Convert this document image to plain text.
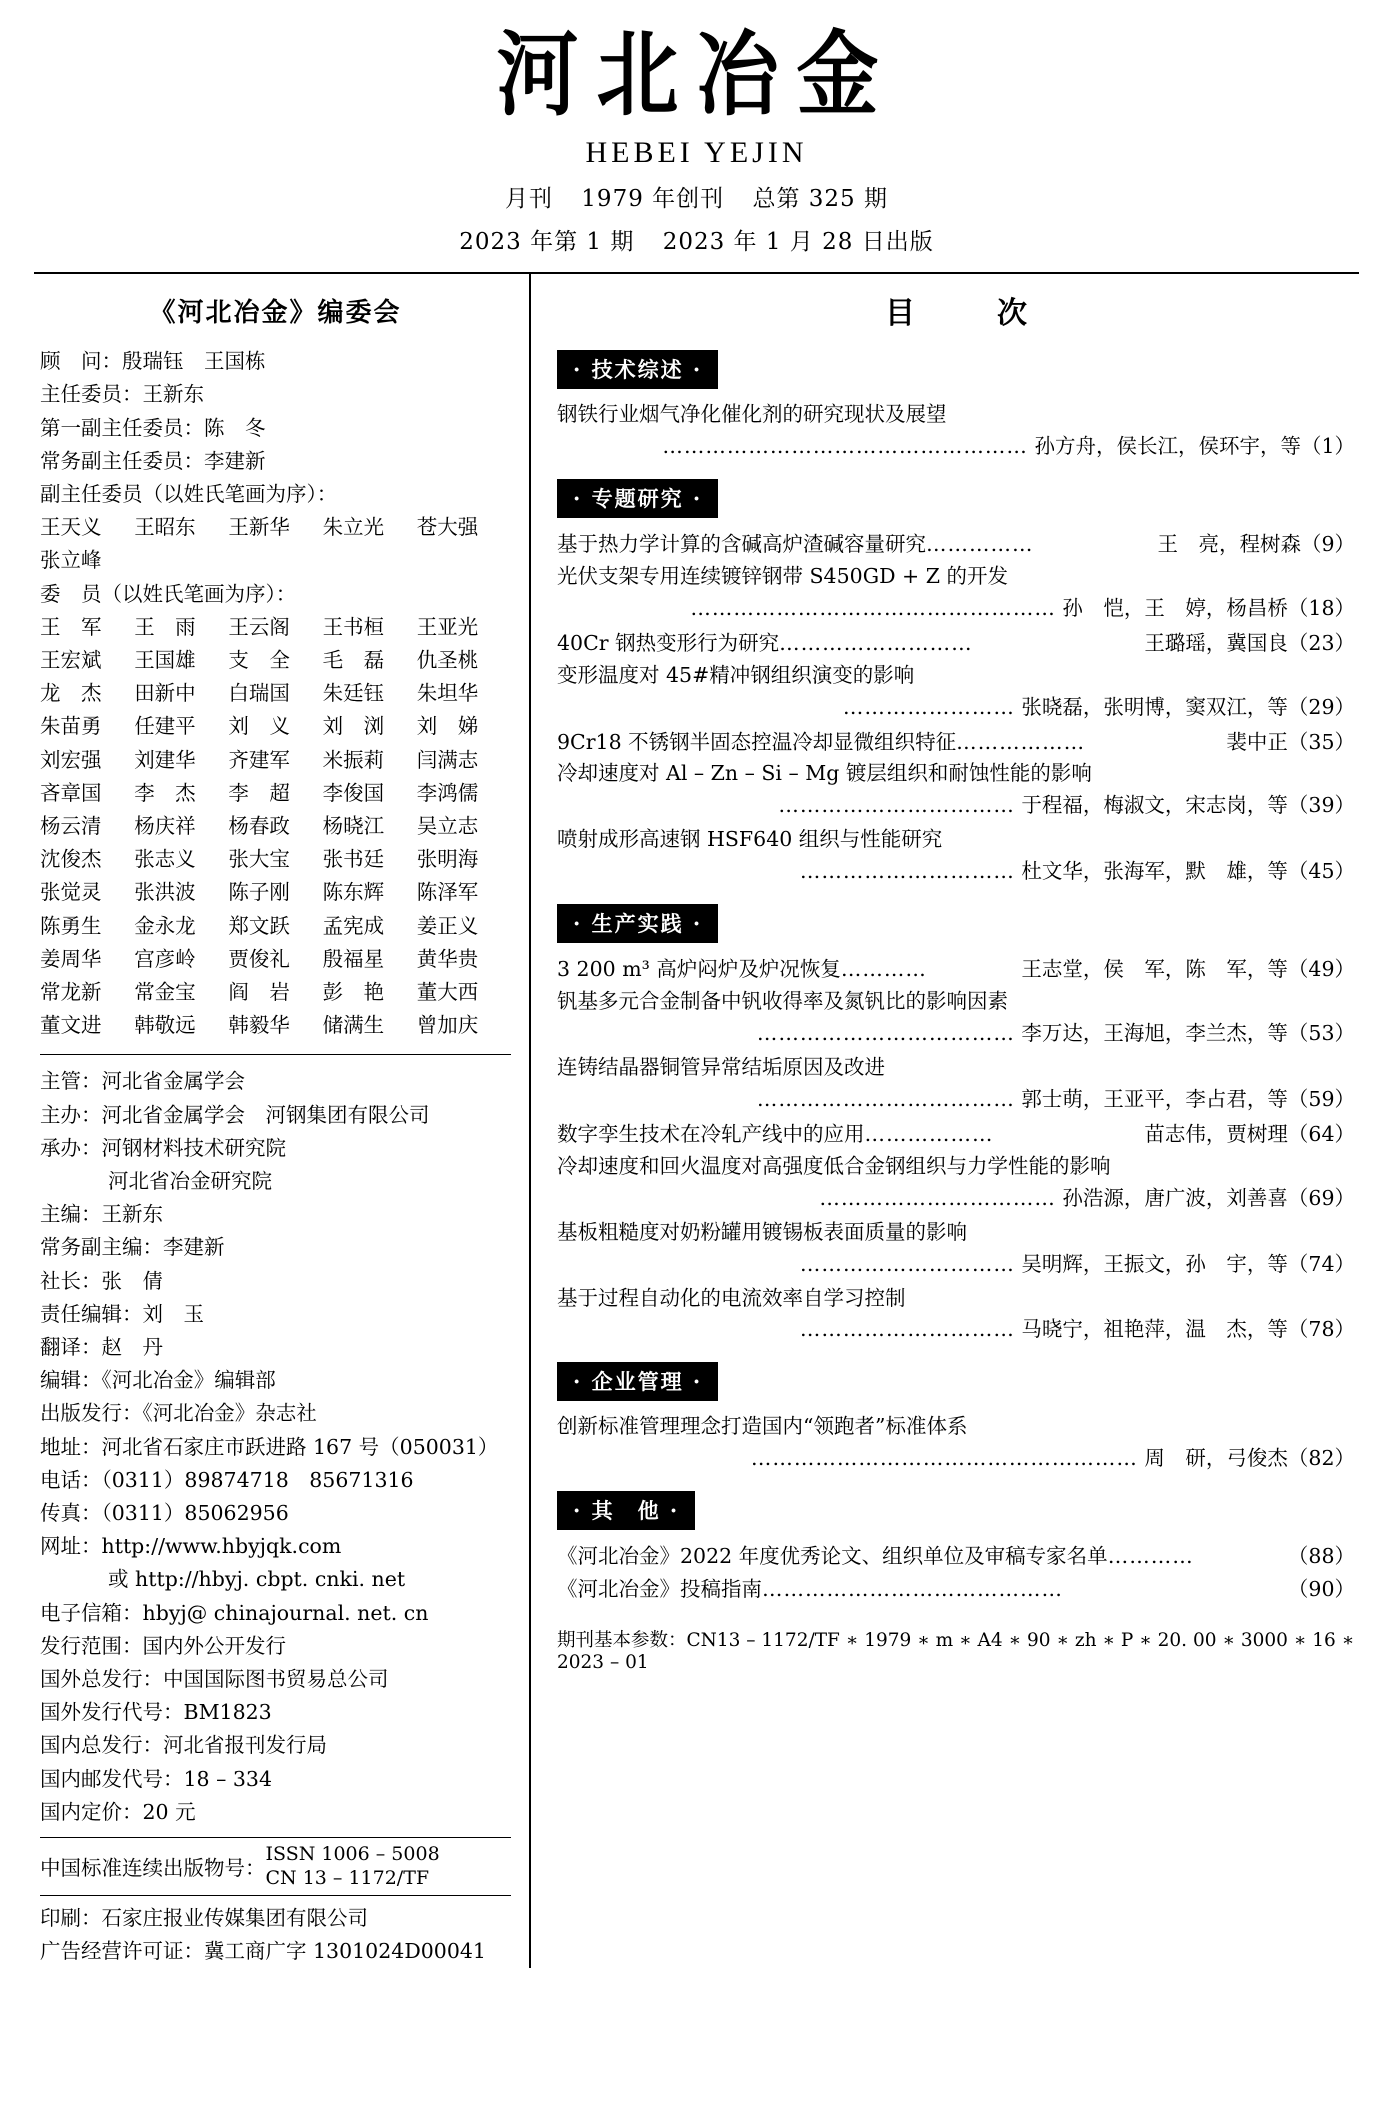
河北冶金
HEBEI YEJIN
月刊 1979 年创刊 总第 325 期
2023 年第 1 期 2023 年 1 月 28 日出版
《河北冶金》编委会
顾　问：殷瑞钰　王国栋
主任委员：王新东
第一副主任委员：陈　冬
常务副主任委员：李建新
副主任委员（以姓氏笔画为序）：
王天义	王昭东	王新华	朱立光	苍大强
张立峰
委　员（以姓氏笔画为序）：
王　军	王　雨	王云阁	王书桓	王亚光
王宏斌	王国雄	支　全	毛　磊	仇圣桃
龙　杰	田新中	白瑞国	朱廷钰	朱坦华
朱苗勇	任建平	刘　义	刘　浏	刘　娣
刘宏强	刘建华	齐建军	米振莉	闫满志
吝章国	李　杰	李　超	李俊国	李鸿儒
杨云清	杨庆祥	杨春政	杨晓江	吴立志
沈俊杰	张志义	张大宝	张书廷	张明海
张觉灵	张洪波	陈子刚	陈东辉	陈泽军
陈勇生	金永龙	郑文跃	孟宪成	姜正义
姜周华	宫彦岭	贾俊礼	殷福星	黄华贵
常龙新	常金宝	阎　岩	彭　艳	董大西
董文进	韩敬远	韩毅华	储满生	曾加庆
主管：河北省金属学会
主办：河北省金属学会　河钢集团有限公司
承办：河钢材料技术研究院
河北省冶金研究院
主编：王新东
常务副主编：李建新
社长：张　倩
责任编辑：刘　玉
翻译：赵　丹
编辑：《河北冶金》编辑部
出版发行：《河北冶金》杂志社
地址：河北省石家庄市跃进路 167 号（050031）
电话：（0311）89874718　85671316
传真：（0311）85062956
网址：http://www.hbyjqk.com
或 http://hbyj. cbpt. cnki. net
电子信箱：hbyj@ chinajournal. net. cn
发行范围：国内外公开发行
国外总发行：中国国际图书贸易总公司
国外发行代号：BM1823
国内总发行：河北省报刊发行局
国内邮发代号：18 – 334
国内定价：20 元
中国标准连续出版物号：
ISSN 1006 – 5008
CN 13 – 1172/TF
印刷：石家庄报业传媒集团有限公司
广告经营许可证：冀工商广字 1301024D00041
目　次
· 技术综述 ·
钢铁行业烟气净化催化剂的研究现状及展望
…………………………………………… 孙方舟，侯长江，侯环宇，等（1）
· 专题研究 ·
基于热力学计算的含碱高炉渣碱容量研究 ……………	王　亮，程树森（9）
光伏支架专用连续镀锌钢带 S450GD + Z 的开发
…………………………………………… 孙　恺，王　婷，杨昌桥（18）
40Cr 钢热变形行为研究 ………………………	王璐瑶，冀国良（23）
变形温度对 45#精冲钢组织演变的影响
…………………… 张晓磊，张明博，窦双江，等（29）
9Cr18 不锈钢半固态控温冷却显微组织特征 ………………	裴中正（35）
冷却速度对 Al – Zn – Si – Mg 镀层组织和耐蚀性能的影响
…………………………… 于程福，梅淑文，宋志岗，等（39）
喷射成形高速钢 HSF640 组织与性能研究
………………………… 杜文华，张海军，默　雄，等（45）
· 生产实践 ·
3 200 m³ 高炉闷炉及炉况恢复 …………	王志堂，侯　军，陈　军，等（49）
钒基多元合金制备中钒收得率及氮钒比的影响因素
……………………………… 李万达，王海旭，李兰杰，等（53）
连铸结晶器铜管异常结垢原因及改进
……………………………… 郭士萌，王亚平，李占君，等（59）
数字孪生技术在冷轧产线中的应用 ………………	苗志伟，贾树理（64）
冷却速度和回火温度对高强度低合金钢组织与力学性能的影响
…………………………… 孙浩源，唐广波，刘善喜（69）
基板粗糙度对奶粉罐用镀锡板表面质量的影响
………………………… 吴明辉，王振文，孙　宇，等（74）
基于过程自动化的电流效率自学习控制
………………………… 马晓宁，祖艳萍，温　杰，等（78）
· 企业管理 ·
创新标准管理理念打造国内“领跑者”标准体系
……………………………………………… 周　研，弓俊杰（82）
· 其　他 ·
《河北冶金》2022 年度优秀论文、组织单位及审稿专家名单 …………	（88）
《河北冶金》投稿指南 ……………………………………	（90）
期刊基本参数：CN13 – 1172/TF ∗ 1979 ∗ m ∗ A4 ∗ 90 ∗ zh ∗ P ∗ 20. 00 ∗ 3000 ∗ 16 ∗ 2023 – 01
